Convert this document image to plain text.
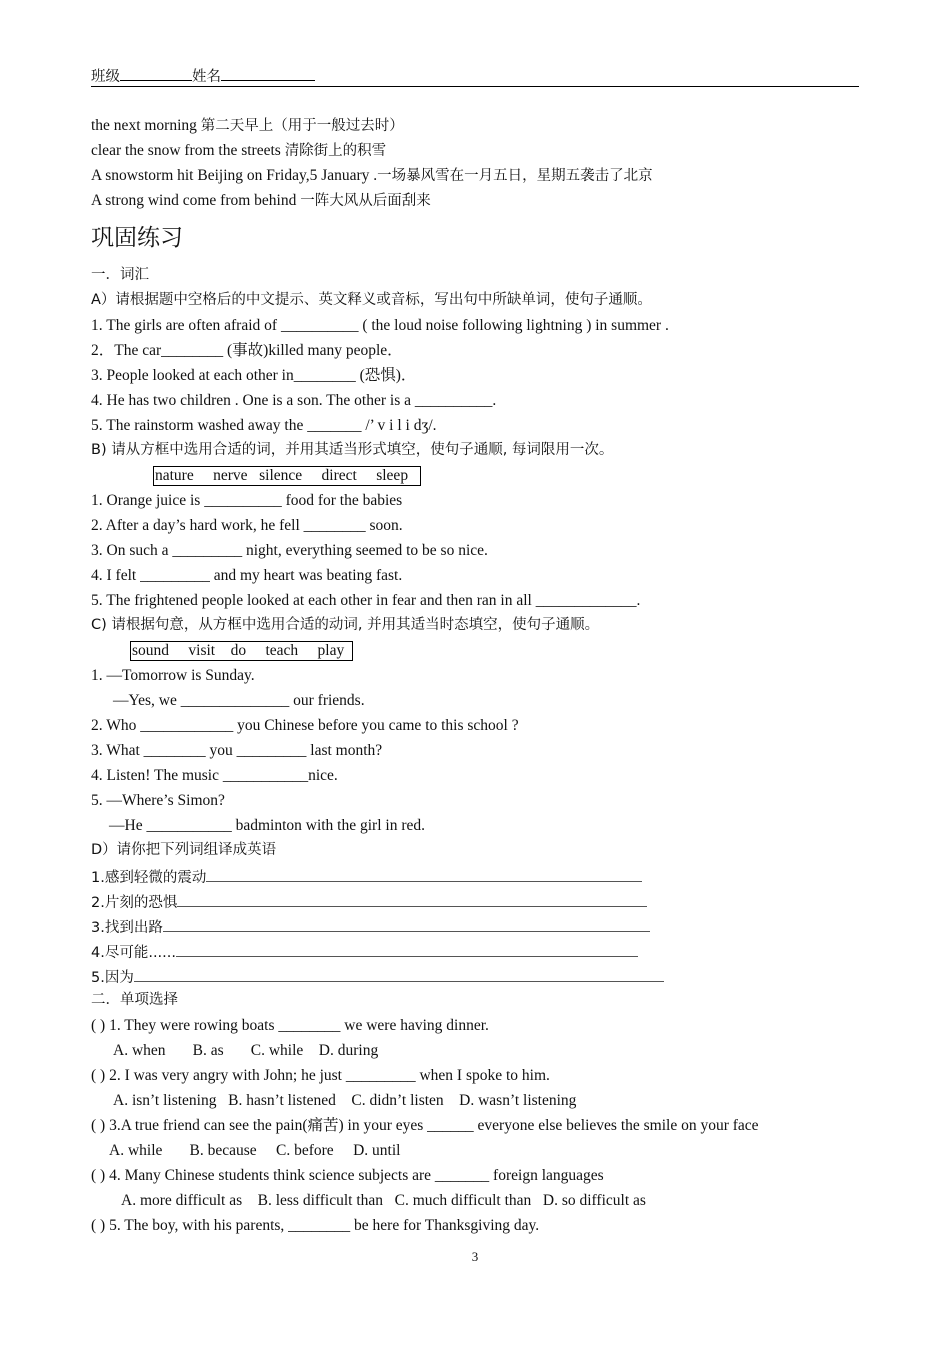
班级	姓名
the next morning 第二天早上（用于一般过去时）
clear the snow from the streets 清除街上的积雪
A snowstorm hit Beijing on Friday,5 January .一场暴风雪在一月五日，星期五袭击了北京
A strong wind come from behind 一阵大风从后面刮来
巩固练习
一．词汇
A）请根据题中空格后的中文提示、英文释义或音标，写出句中所缺单词，使句子通顺。
1. The girls are often afraid of __________ ( the loud noise following lightning ) in summer .
2．The car________ (事故)killed many people．
3. People looked at each other in________ (恐惧)．
4. He has two children . One is a son. The other is a __________.
5. The rainstorm washed away the _______ /’ v i l i dʒ/.
B) 请从方框中选用合适的词，并用其适当形式填空，使句子通顺, 每词限用一次。
nature     nerve   silence     direct     sleep
1. Orange juice is __________ food for the babies
2. After a day’s hard work, he fell ________ soon.
3. On such a _________ night, everything seemed to be so nice.
4. I felt _________ and my heart was beating fast.
5. The frightened people looked at each other in fear and then ran in all _____________.
C) 请根据句意，从方框中选用合适的动词, 并用其适当时态填空，使句子通顺。
sound     visit    do     teach     play
1. —Tomorrow is Sunday.
—Yes, we ______________ our friends.
2. Who ____________ you Chinese before you came to this school ?
3. What ________ you _________ last month?
4. Listen! The music ___________nice.
5. —Where’s Simon?
—He ___________ badminton with the girl in red.
D）请你把下列词组译成英语
1.感到轻微的震动
2.片刻的恐惧
3.找到出路
4.尽可能......
5.因为
二．单项选择
( ) 1. They were rowing boats ________ we were having dinner.
A. when       B. as       C. while    D. during
( ) 2. I was very angry with John; he just _________ when I spoke to him.
A. isn’t listening   B. hasn’t listened    C. didn’t listen    D. wasn’t listening
( ) 3.A true friend can see the pain(痛苦) in your eyes ______ everyone else believes the smile on your face
A. while       B. because     C. before     D. until
( ) 4. Many Chinese students think science subjects are _______ foreign languages
A. more difficult as    B. less difficult than   C. much difficult than   D. so difficult as
( ) 5. The boy, with his parents, ________ be here for Thanksgiving day.
3
